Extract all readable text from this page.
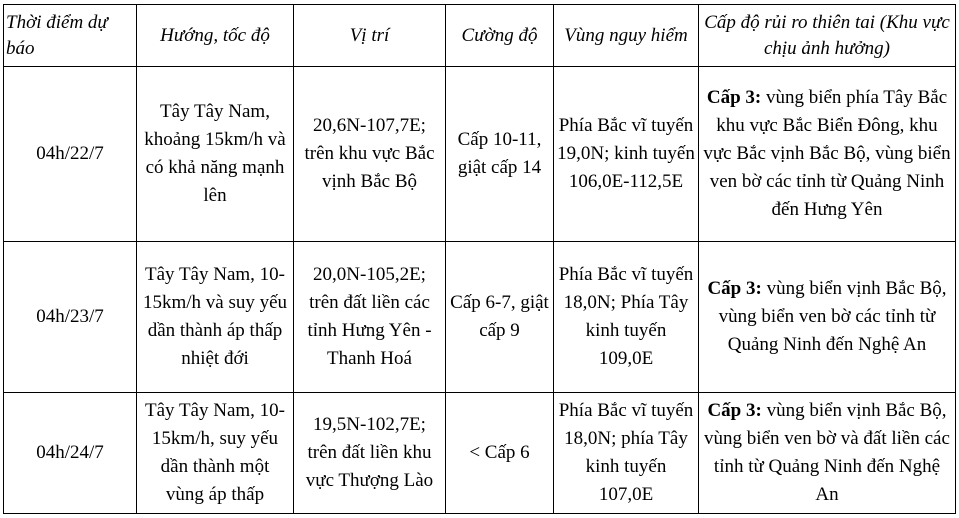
Thời điểm dự báo	Hướng, tốc độ	Vị trí	Cường độ	Vùng nguy hiểm	Cấp độ rủi ro thiên tai (Khu vực chịu ảnh hưởng)
04h/22/7	Tây Tây Nam, khoảng 15km/h và có khả năng mạnh lên	20,6N-107,7E; trên khu vực Bắc vịnh Bắc Bộ	Cấp 10-11, giật cấp 14	Phía Bắc vĩ tuyến 19,0N; kinh tuyến 106,0E-112,5E	Cấp 3: vùng biển phía Tây Bắc khu vực Bắc Biển Đông, khu vực Bắc vịnh Bắc Bộ, vùng biển ven bờ các tỉnh từ Quảng Ninh đến Hưng Yên
04h/23/7	Tây Tây Nam, 10-15km/h và suy yếu dần thành áp thấp nhiệt đới	20,0N-105,2E; trên đất liền các tỉnh Hưng Yên - Thanh Hoá	Cấp 6-7, giật cấp 9	Phía Bắc vĩ tuyến 18,0N; Phía Tây kinh tuyến 109,0E	Cấp 3: vùng biển vịnh Bắc Bộ, vùng biển ven bờ các tỉnh từ Quảng Ninh đến Nghệ An
04h/24/7	Tây Tây Nam, 10-15km/h, suy yếu dần thành một vùng áp thấp	19,5N-102,7E; trên đất liền khu vực Thượng Lào	< Cấp 6	Phía Bắc vĩ tuyến 18,0N; phía Tây kinh tuyến 107,0E	Cấp 3: vùng biển vịnh Bắc Bộ, vùng biển ven bờ và đất liền các tỉnh từ Quảng Ninh đến Nghệ An
